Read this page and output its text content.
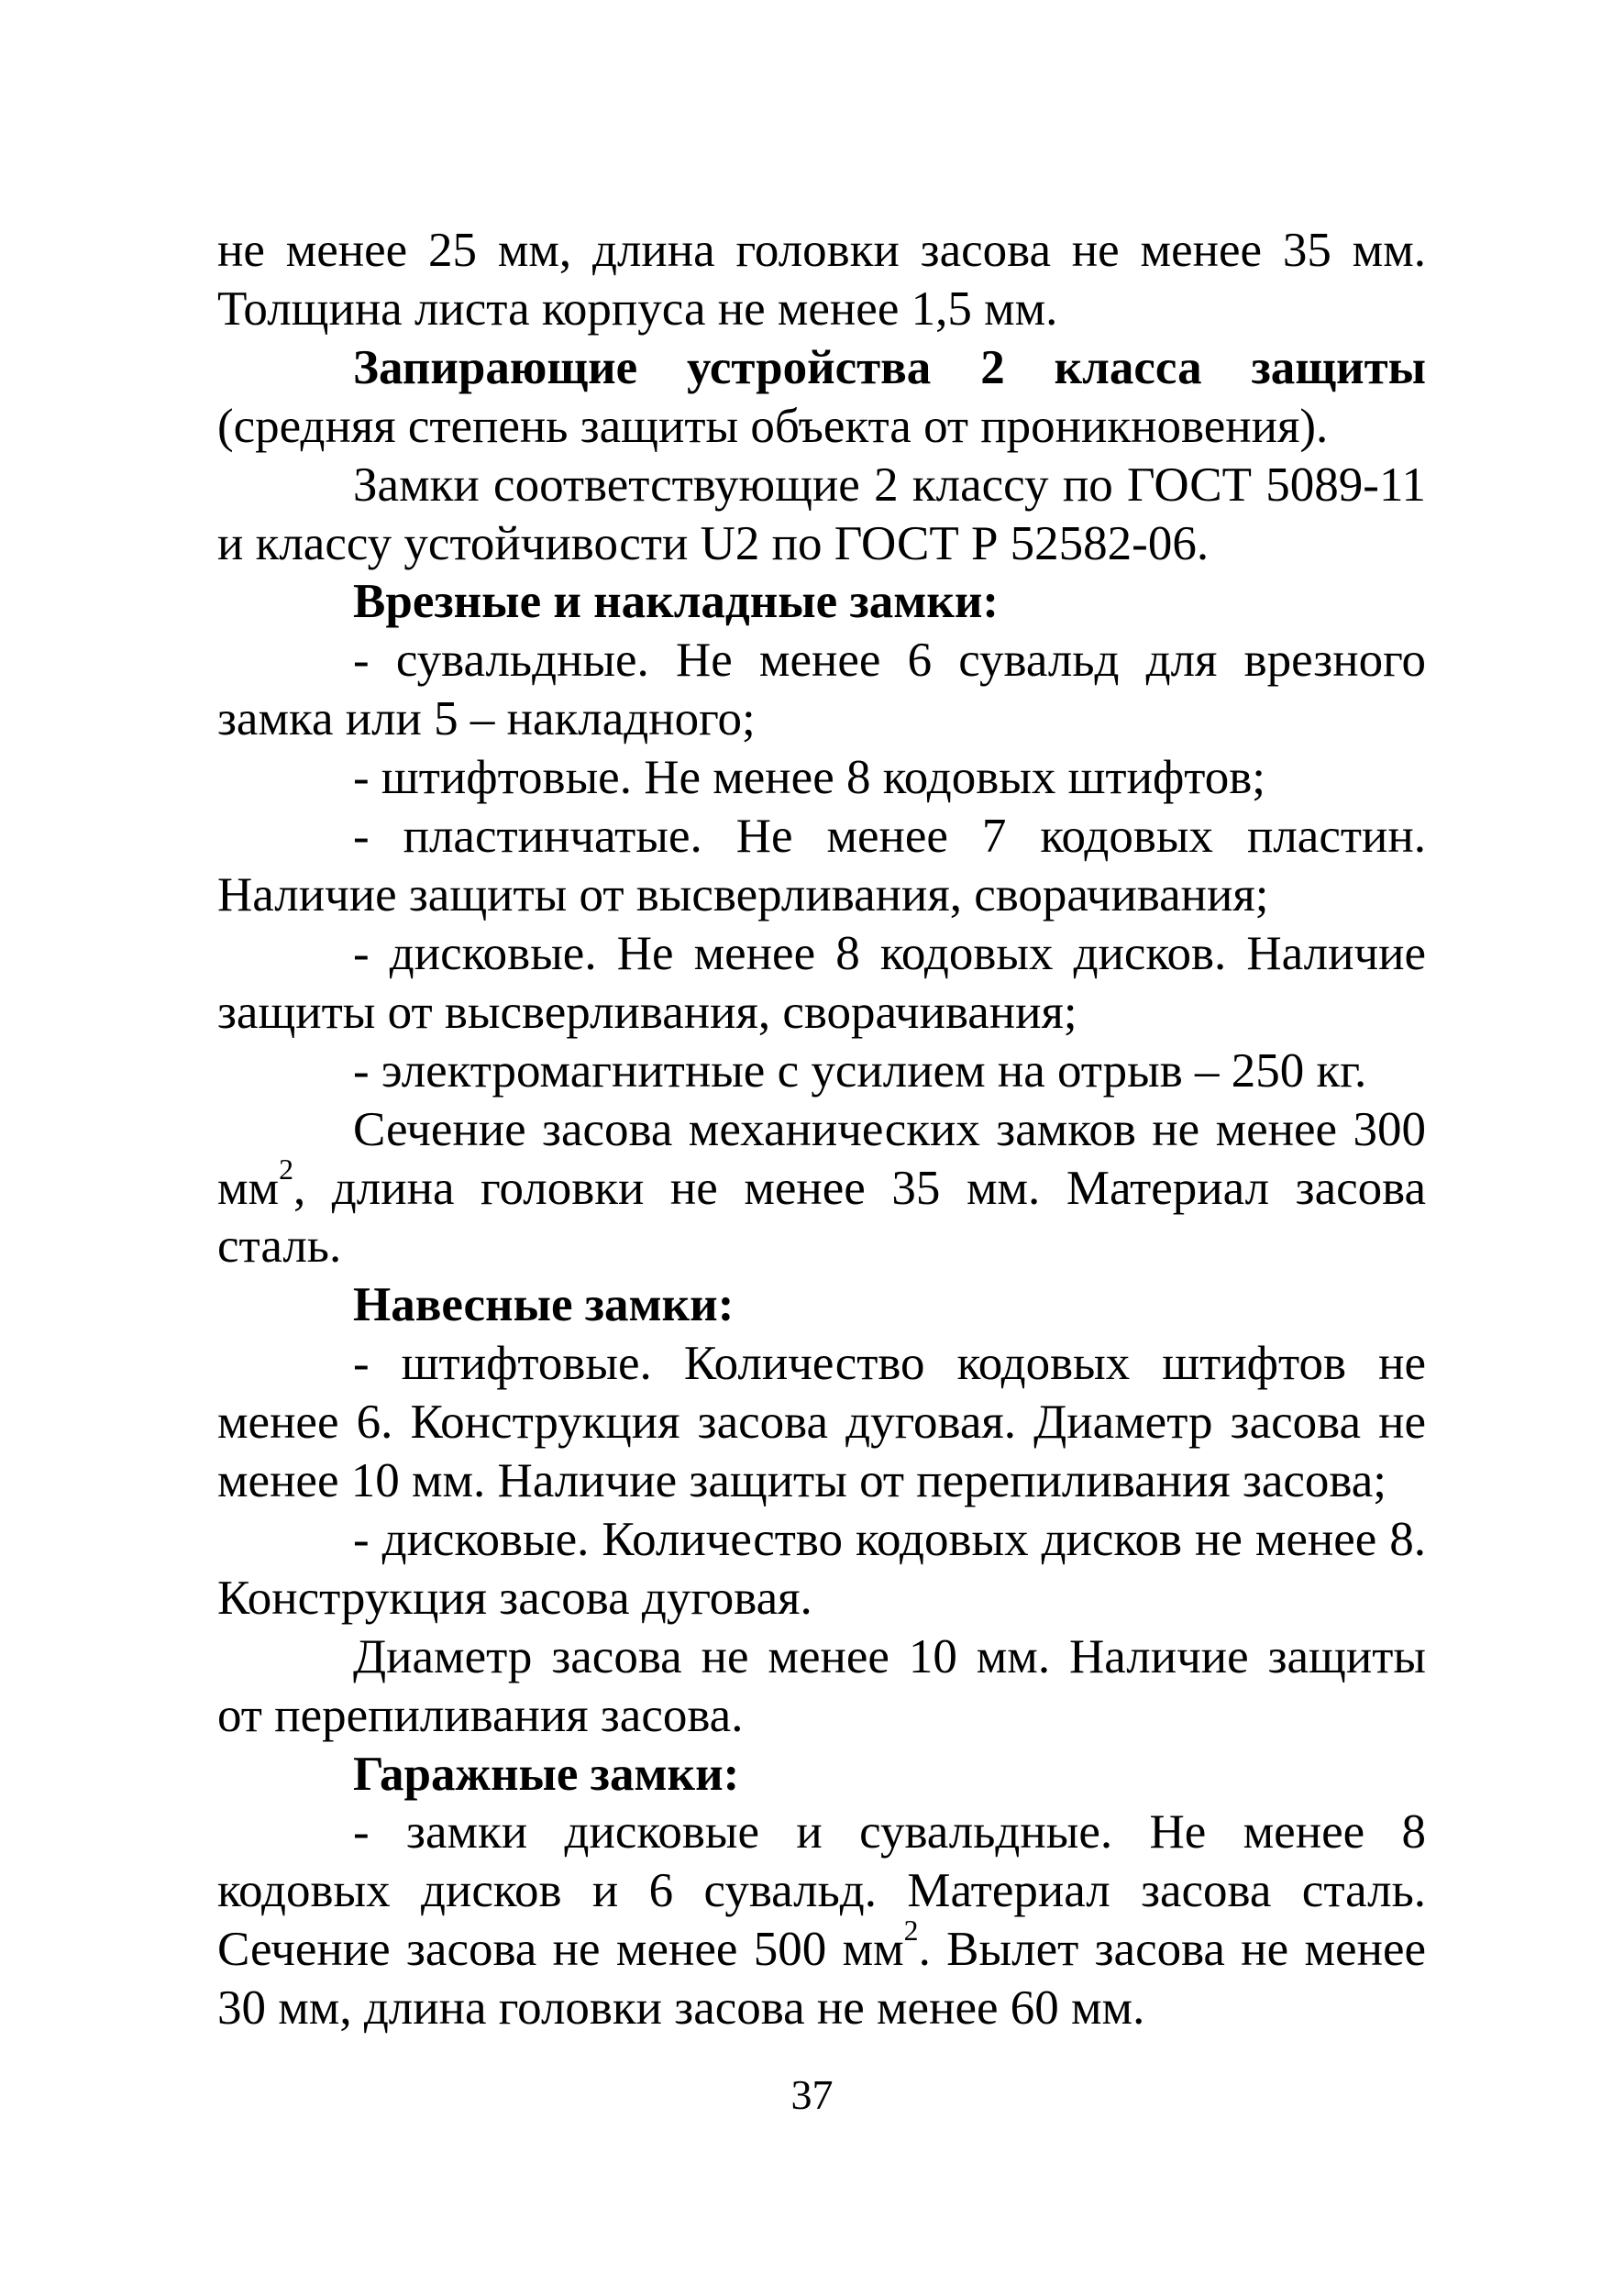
не менее 25 мм, длина головки засова не менее 35 мм. Толщина листа корпуса не менее 1,5 мм.

Запирающие устройства 2 класса защиты (средняя степень защиты объекта от проникновения).

Замки соответствующие 2 классу по ГОСТ 5089-11 и классу устойчивости U2 по ГОСТ Р 52582-06.

Врезные и накладные замки:

- сувальдные. Не менее 6 сувальд для врезного замка или 5 – накладного;

- штифтовые. Не менее 8 кодовых штифтов;

- пластинчатые. Не менее 7 кодовых пластин. Наличие защиты от высверливания, сворачивания;

- дисковые. Не менее 8 кодовых дисков. Наличие защиты от высверливания, сворачивания;

- электромагнитные с усилием на отрыв – 250 кг.

Сечение засова механических замков не менее 300 $мм^2$, длина головки не менее 35 мм. Материал засова сталь.

Навесные замки:

- штифтовые. Количество кодовых штифтов не менее 6. Конструкция засова дуговая. Диаметр засова не менее 10 мм. Наличие защиты от перепиливания засова;

- дисковые. Количество кодовых дисков не менее 8. Конструкция засова дуговая.

Диаметр засова не менее 10 мм. Наличие защиты от перепиливания засова.

Гаражные замки:

- замки дисковые и сувальдные. Не менее 8 кодовых дисков и 6 сувальд. Материал засова сталь. Сечение засова не менее 500 $мм^2$. Вылет засова не менее 30 мм, длина головки засова не менее 60 мм.

37
